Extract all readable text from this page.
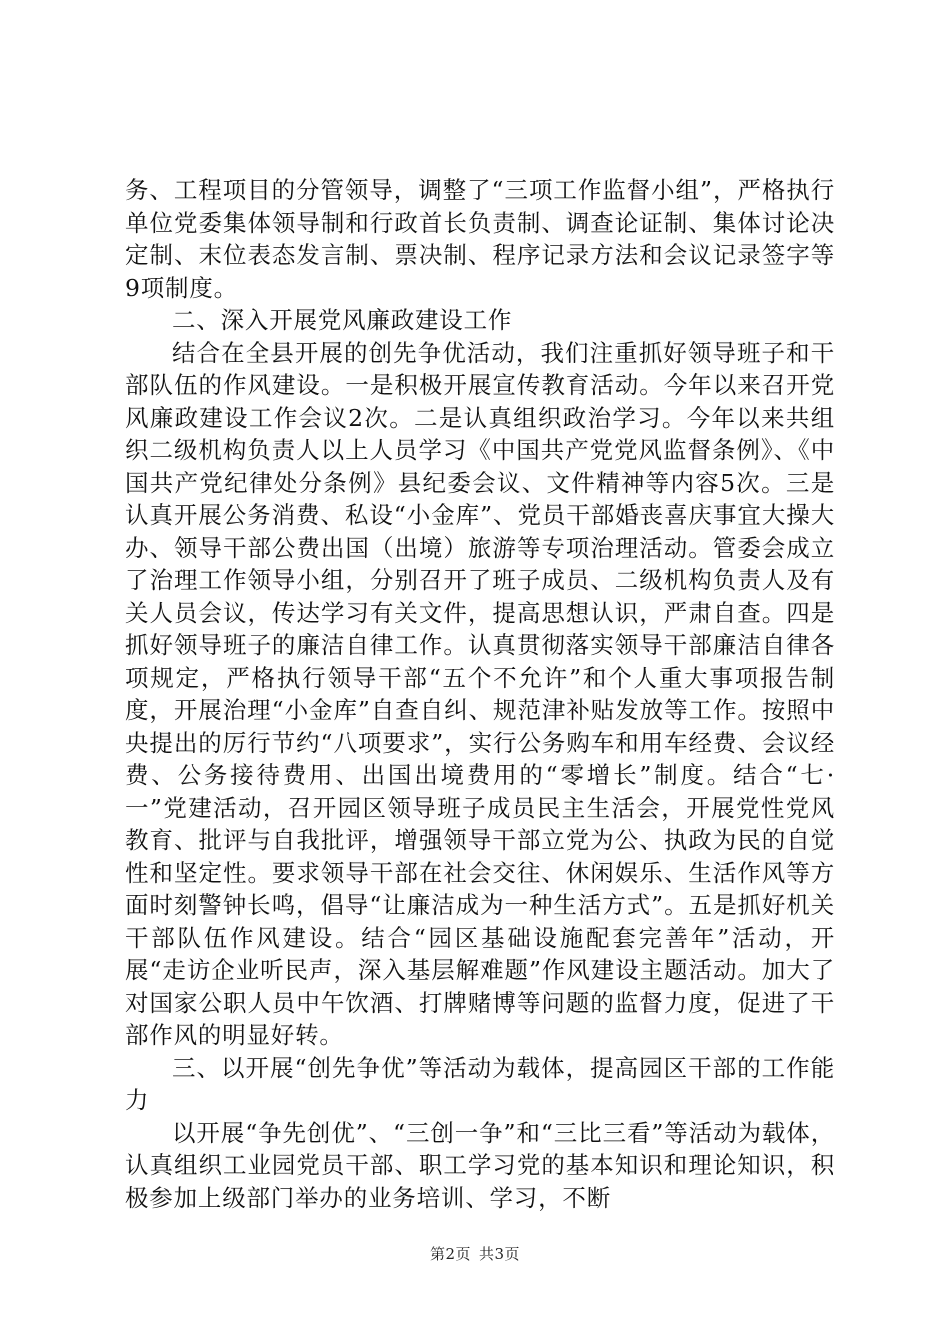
务、工程项目的分管领导，调整了“三项工作监督小组”，严格执行单位党委集体领导制和行政首长负责制、调查论证制、集体讨论决定制、末位表态发言制、票决制、程序记录方法和会议记录签字等9项制度。

二、深入开展党风廉政建设工作

结合在全县开展的创先争优活动，我们注重抓好领导班子和干部队伍的作风建设。一是积极开展宣传教育活动。今年以来召开党风廉政建设工作会议2次。二是认真组织政治学习。今年以来共组织二级机构负责人以上人员学习《中国共产党党风监督条例》、《中国共产党纪律处分条例》县纪委会议、文件精神等内容5次。三是认真开展公务消费、私设“小金库”、党员干部婚丧喜庆事宜大操大办、领导干部公费出国（出境）旅游等专项治理活动。管委会成立了治理工作领导小组，分别召开了班子成员、二级机构负责人及有关人员会议，传达学习有关文件，提高思想认识，严肃自查。四是抓好领导班子的廉洁自律工作。认真贯彻落实领导干部廉洁自律各项规定，严格执行领导干部“五个不允许”和个人重大事项报告制度，开展治理“小金库”自查自纠、规范津补贴发放等工作。按照中央提出的厉行节约“八项要求”，实行公务购车和用车经费、会议经费、公务接待费用、出国出境费用的“零增长”制度。结合“七·一”党建活动，召开园区领导班子成员民主生活会，开展党性党风教育、批评与自我批评，增强领导干部立党为公、执政为民的自觉性和坚定性。要求领导干部在社会交往、休闲娱乐、生活作风等方面时刻警钟长鸣，倡导“让廉洁成为一种生活方式”。五是抓好机关干部队伍作风建设。结合“园区基础设施配套完善年”活动，开展“走访企业听民声，深入基层解难题”作风建设主题活动。加大了对国家公职人员中午饮酒、打牌赌博等问题的监督力度，促进了干部作风的明显好转。

三、以开展“创先争优”等活动为载体，提高园区干部的工作能力

以开展“争先创优”、“三创一争”和“三比三看”等活动为载体，认真组织工业园党员干部、职工学习党的基本知识和理论知识，积极参加上级部门举办的业务培训、学习，不断

第2页 共3页
